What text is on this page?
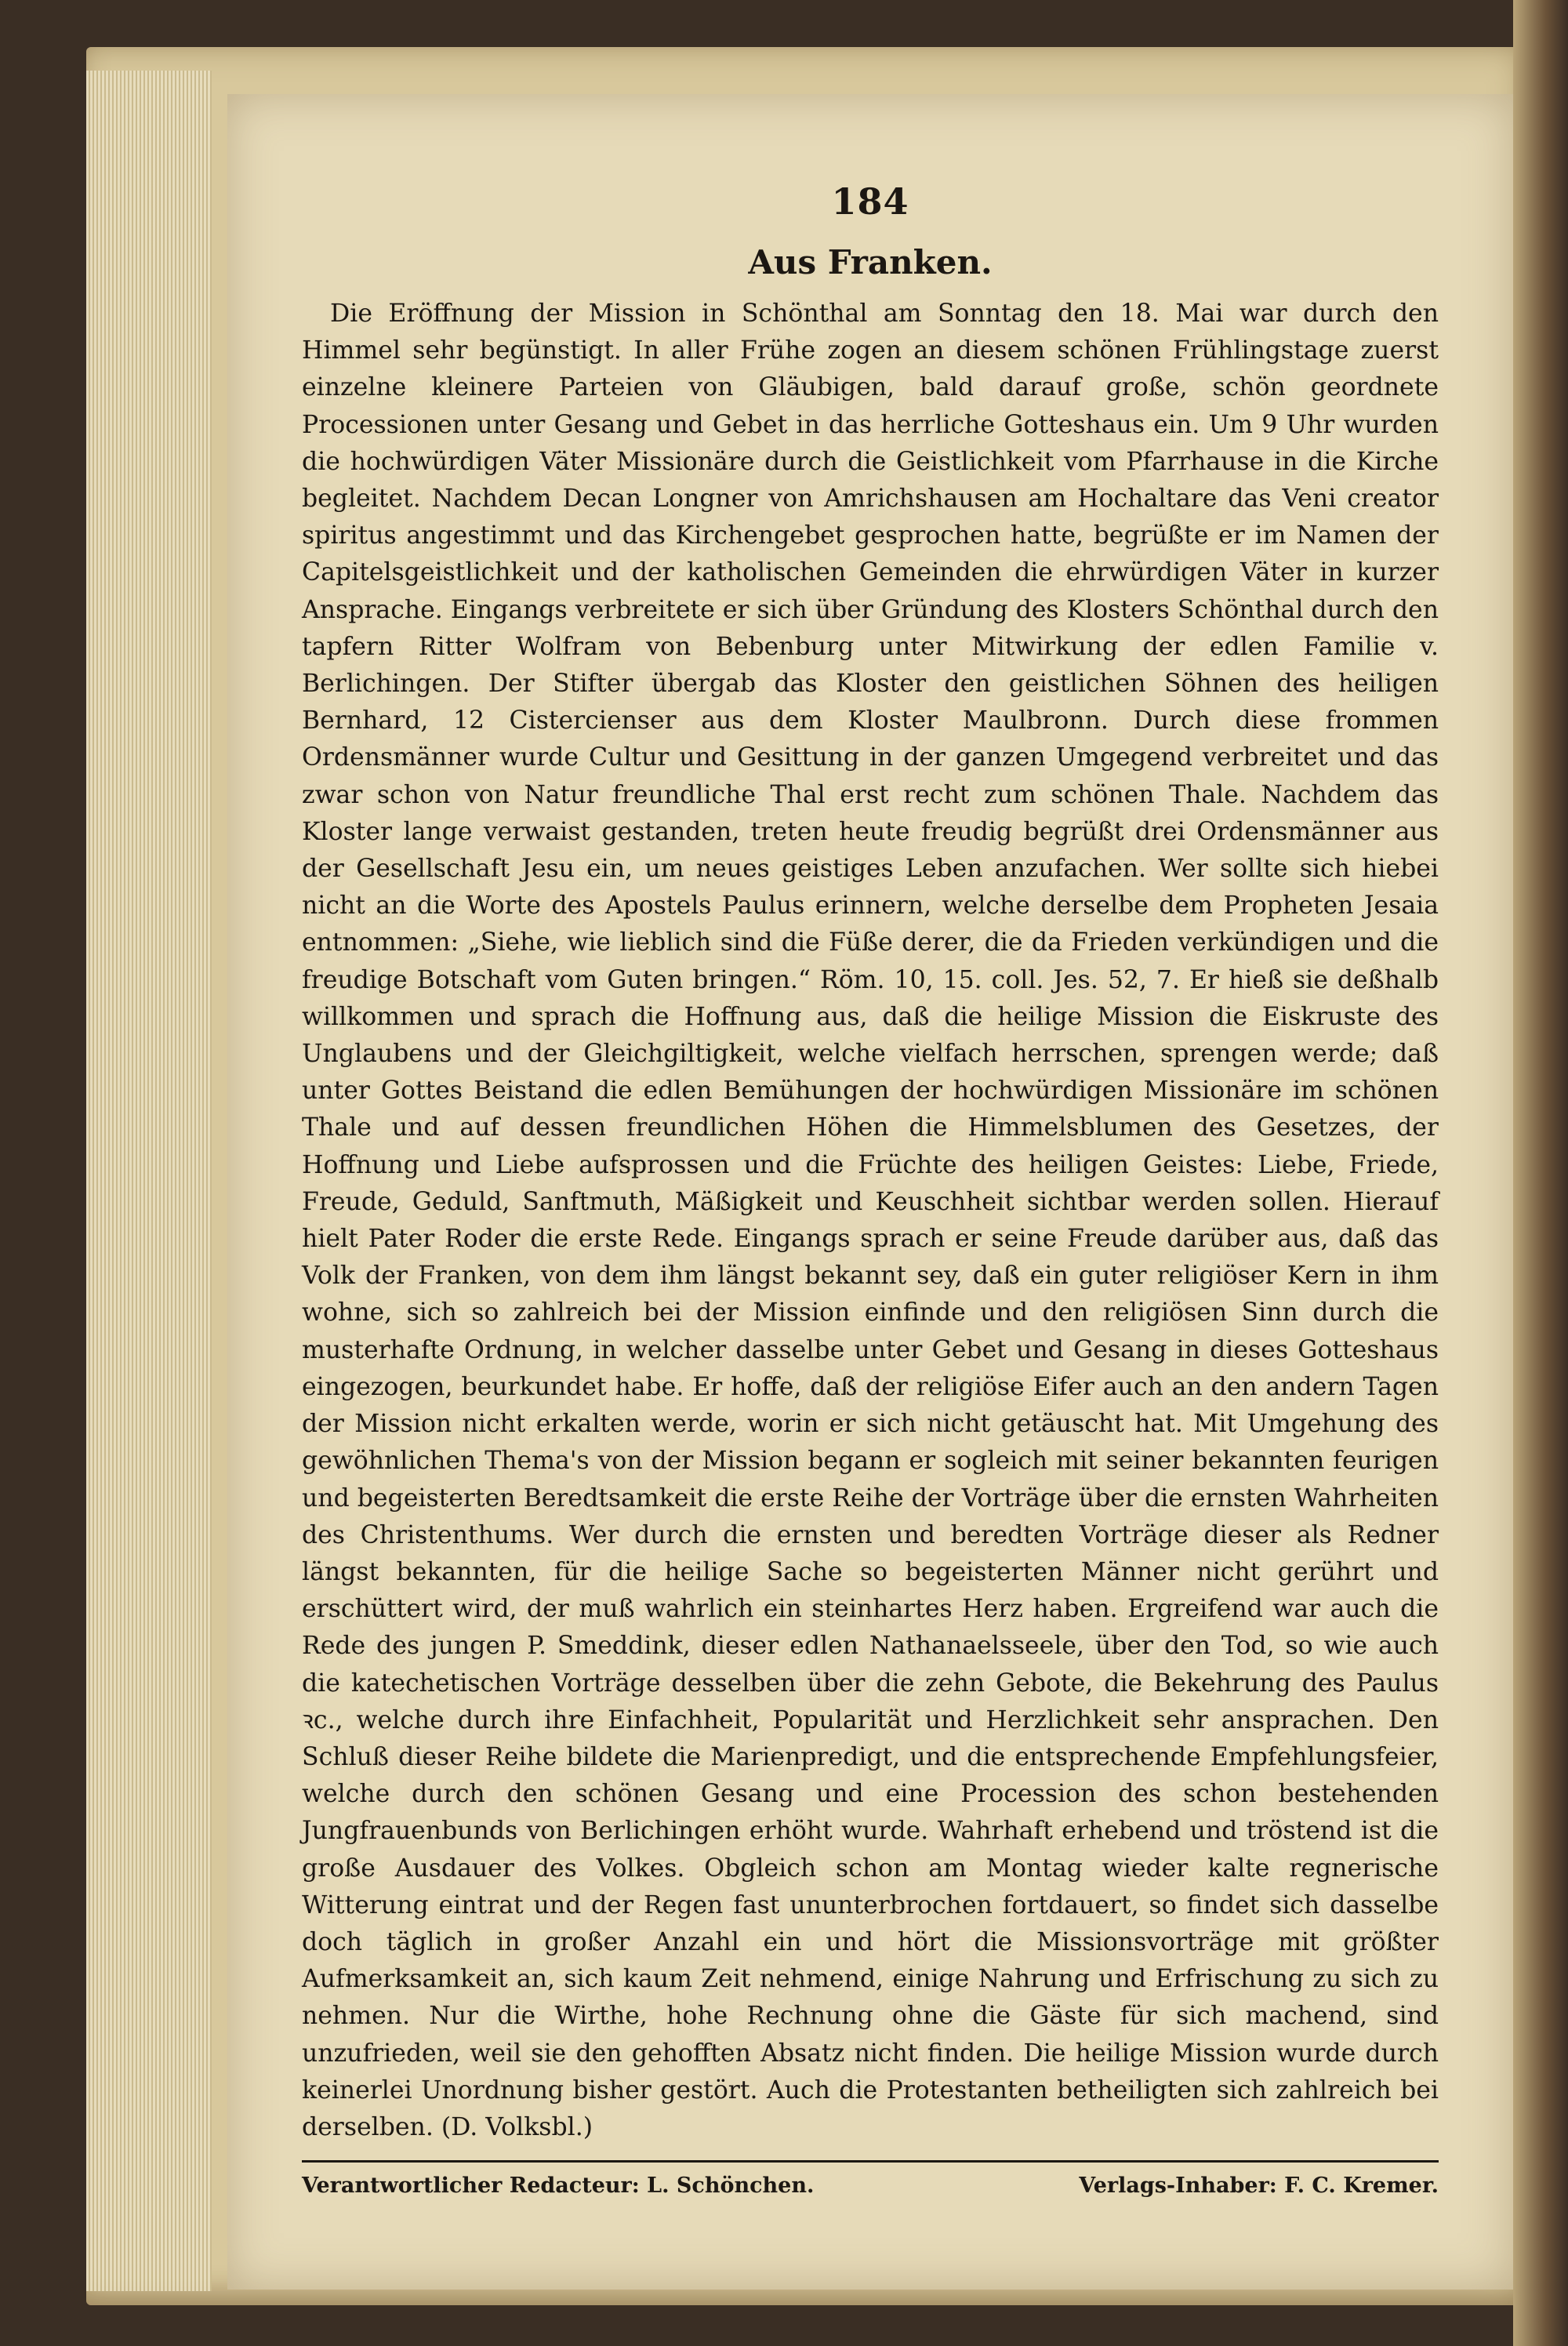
184
Aus Franken.

Die Eröffnung der Mission in Schönthal am Sonntag den 18. Mai war durch den Himmel sehr begünstigt. In aller Frühe zogen an diesem schönen Frühlingstage zuerst einzelne kleinere Parteien von Gläubigen, bald darauf große, schön geordnete Processionen unter Gesang und Gebet in das herrliche Gotteshaus ein. Um 9 Uhr wurden die hochwürdigen Väter Missionäre durch die Geistlichkeit vom Pfarrhause in die Kirche begleitet. Nachdem Decan Longner von Amrichshausen am Hochaltare das Veni creator spiritus angestimmt und das Kirchengebet gesprochen hatte, begrüßte er im Namen der Capitelsgeistlichkeit und der katholischen Gemeinden die ehrwürdigen Väter in kurzer Ansprache. Eingangs verbreitete er sich über Gründung des Klosters Schönthal durch den tapfern Ritter Wolfram von Bebenburg unter Mitwirkung der edlen Familie v. Berlichingen. Der Stifter übergab das Kloster den geistlichen Söhnen des heiligen Bernhard, 12 Cistercienser aus dem Kloster Maulbronn. Durch diese frommen Ordensmänner wurde Cultur und Gesittung in der ganzen Umgegend verbreitet und das zwar schon von Natur freundliche Thal erst recht zum schönen Thale. Nachdem das Kloster lange verwaist gestanden, treten heute freudig begrüßt drei Ordensmänner aus der Gesellschaft Jesu ein, um neues geistiges Leben anzufachen. Wer sollte sich hiebei nicht an die Worte des Apostels Paulus erinnern, welche derselbe dem Propheten Jesaia entnommen: „Siehe, wie lieblich sind die Füße derer, die da Frieden verkündigen und die freudige Botschaft vom Guten bringen.“ Röm. 10, 15. coll. Jes. 52, 7. Er hieß sie deßhalb willkommen und sprach die Hoffnung aus, daß die heilige Mission die Eiskruste des Unglaubens und der Gleichgiltigkeit, welche vielfach herrschen, sprengen werde; daß unter Gottes Beistand die edlen Bemühungen der hochwürdigen Missionäre im schönen Thale und auf dessen freundlichen Höhen die Himmelsblumen des Gesetzes, der Hoffnung und Liebe aufsprossen und die Früchte des heiligen Geistes: Liebe, Friede, Freude, Geduld, Sanftmuth, Mäßigkeit und Keuschheit sichtbar werden sollen. Hierauf hielt Pater Roder die erste Rede. Eingangs sprach er seine Freude darüber aus, daß das Volk der Franken, von dem ihm längst bekannt sey, daß ein guter religiöser Kern in ihm wohne, sich so zahlreich bei der Mission einfinde und den religiösen Sinn durch die musterhafte Ordnung, in welcher dasselbe unter Gebet und Gesang in dieses Gotteshaus eingezogen, beurkundet habe. Er hoffe, daß der religiöse Eifer auch an den andern Tagen der Mission nicht erkalten werde, worin er sich nicht getäuscht hat. Mit Umgehung des gewöhnlichen Thema's von der Mission begann er sogleich mit seiner bekannten feurigen und begeisterten Beredtsamkeit die erste Reihe der Vorträge über die ernsten Wahrheiten des Christenthums. Wer durch die ernsten und beredten Vorträge dieser als Redner längst bekannten, für die heilige Sache so begeisterten Männer nicht gerührt und erschüttert wird, der muß wahrlich ein steinhartes Herz haben. Ergreifend war auch die Rede des jungen P. Smeddink, dieser edlen Nathanaelsseele, über den Tod, so wie auch die katechetischen Vorträge desselben über die zehn Gebote, die Bekehrung des Paulus ꝛc., welche durch ihre Einfachheit, Popularität und Herzlichkeit sehr ansprachen. Den Schluß dieser Reihe bildete die Marienpredigt, und die entsprechende Empfehlungsfeier, welche durch den schönen Gesang und eine Procession des schon bestehenden Jungfrauenbunds von Berlichingen erhöht wurde. Wahrhaft erhebend und tröstend ist die große Ausdauer des Volkes. Obgleich schon am Montag wieder kalte regnerische Witterung eintrat und der Regen fast ununterbrochen fortdauert, so findet sich dasselbe doch täglich in großer Anzahl ein und hört die Missionsvorträge mit größter Aufmerksamkeit an, sich kaum Zeit nehmend, einige Nahrung und Erfrischung zu sich zu nehmen. Nur die Wirthe, hohe Rechnung ohne die Gäste für sich machend, sind unzufrieden, weil sie den gehofften Absatz nicht finden. Die heilige Mission wurde durch keinerlei Unordnung bisher gestört. Auch die Protestanten betheiligten sich zahlreich bei derselben. (D. Volksbl.)

Verantwortlicher Redacteur: L. Schönchen.	Verlags-Inhaber: F. C. Kremer.
